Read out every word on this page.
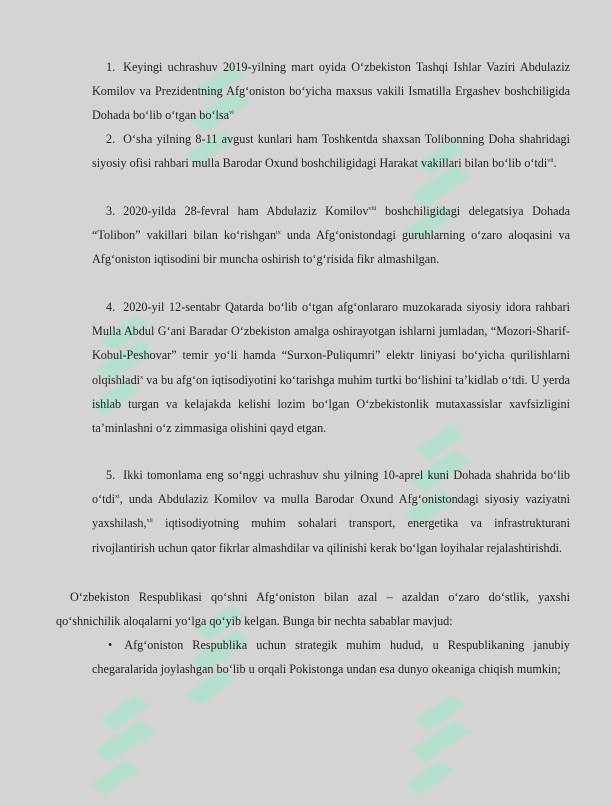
1. Keyingi uchrashuv 2019-yilning mart oyida O‘zbekiston Tashqi Ishlar Vaziri Abdulaziz Komilov va Prezidentning Afg‘oniston bo‘yicha maxsus vakili Ismatilla Ergashev boshchiligida Dohada bo‘lib o‘tgan bo‘lsa$^{vi}$
2. O‘sha yilning 8-11 avgust kunlari ham Toshkentda shaxsan Tolibonning Doha shahridagi siyosiy ofisi rahbari mulla Barodar Oxund boshchiligidagi Harakat vakillari bilan bo‘lib o‘tdi$^{vii}$.
3. 2020-yilda 28-fevral ham Abdulaziz Komilov$^{viii}$ boshchiligidagi delegatsiya Dohada “Tolibon” vakillari bilan ko‘rishgan$^{ix}$ unda Afg‘onistondagi guruhlarning o‘zaro aloqasini va Afg‘oniston iqtisodini bir muncha oshirish to‘g‘risida fikr almashilgan.
4. 2020-yil 12-sentabr Qatarda bo‘lib o‘tgan afg‘onlararo muzokarada siyosiy idora rahbari Mulla Abdul G‘ani Baradar O‘zbekiston amalga oshirayotgan ishlarni jumladan, “Mozori-Sharif-Kobul-Peshovar” temir yo‘li hamda “Surxon-Puliqumri” elektr liniyasi bo‘yicha qurilishlarni olqishladi$^x$ va bu afg‘on iqtisodiyotini ko‘tarishga muhim turtki bo‘lishini ta’kidlab o‘tdi. U yerda ishlab turgan va kelajakda kelishi lozim bo‘lgan O‘zbekistonlik mutaxassislar xavfsizligini ta’minlashni o‘z zimmasiga olishini qayd etgan.
5. Ikki tomonlama eng so‘nggi uchrashuv shu yilning 10-aprel kuni Dohada shahrida bo‘lib o‘tdi$^{xi}$, unda Abdulaziz Komilov va mulla Barodar Oxund Afg‘onistondagi siyosiy vaziyatni yaxshilash,$^{xii}$ iqtisodiyotning muhim sohalari transport, energetika va infrastrukturani rivojlantirish uchun qator fikrlar almashdilar va qilinishi kerak bo‘lgan loyihalar rejalashtirishdi.
O‘zbekiston Respublikasi qo‘shni Afg‘oniston bilan azal – azaldan o‘zaro do‘stlik, yaxshi qo‘shnichilik aloqalarni yo‘lga qo‘yib kelgan. Bunga bir nechta sabablar mavjud:
• Afg‘oniston Respublika uchun strategik muhim hudud, u Respublikaning janubiy chegaralarida joylashgan bo‘lib u orqali Pokistonga undan esa dunyo okeaniga chiqish mumkin;
